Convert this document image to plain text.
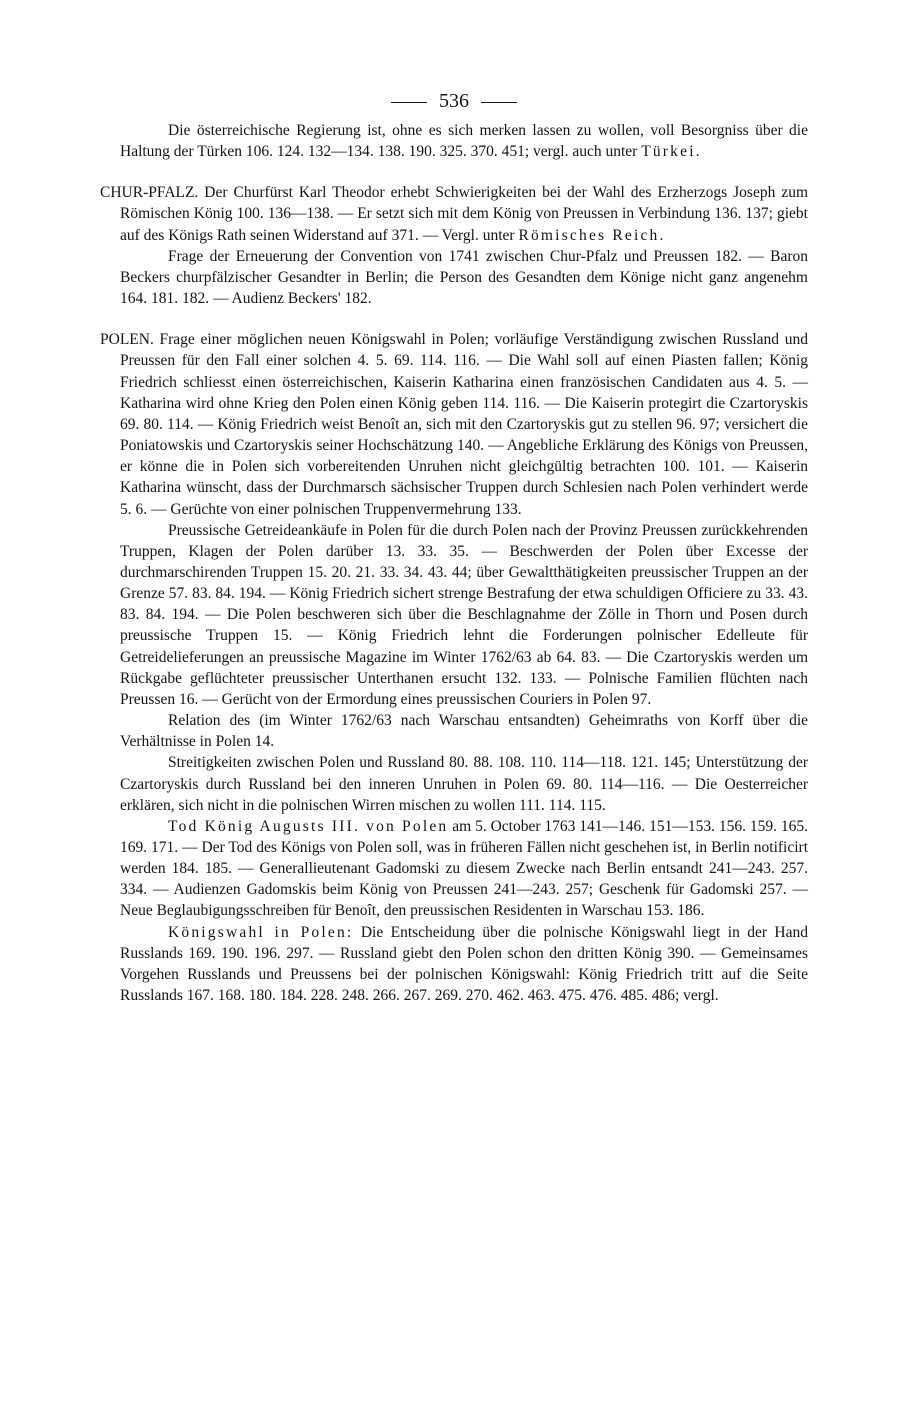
536

Die österreichische Regierung ist, ohne es sich merken lassen zu wollen, voll Besorgniss über die Haltung der Türken 106. 124. 132—134. 138. 190. 325. 370. 451; vergl. auch unter Türkei.

CHUR-PFALZ. Der Churfürst Karl Theodor erhebt Schwierigkeiten bei der Wahl des Erzherzogs Joseph zum Römischen König 100. 136—138. — Er setzt sich mit dem König von Preussen in Verbindung 136. 137; giebt auf des Königs Rath seinen Widerstand auf 371. — Vergl. unter Römisches Reich.

Frage der Erneuerung der Convention von 1741 zwischen Chur-Pfalz und Preussen 182. — Baron Beckers churpfälzischer Gesandter in Berlin; die Person des Gesandten dem Könige nicht ganz angenehm 164. 181. 182. — Audienz Beckers' 182.

POLEN. Frage einer möglichen neuen Königswahl in Polen; vorläufige Verständigung zwischen Russland und Preussen für den Fall einer solchen 4. 5. 69. 114. 116. — Die Wahl soll auf einen Piasten fallen; König Friedrich schliesst einen österreichischen, Kaiserin Katharina einen französischen Candidaten aus 4. 5. — Katharina wird ohne Krieg den Polen einen König geben 114. 116. — Die Kaiserin protegirt die Czartoryskis 69. 80. 114. — König Friedrich weist Benoît an, sich mit den Czartoryskis gut zu stellen 96. 97; versichert die Poniatowskis und Czartoryskis seiner Hochschätzung 140. — Angebliche Erklärung des Königs von Preussen, er könne die in Polen sich vorbereitenden Unruhen nicht gleichgültig betrachten 100. 101. — Kaiserin Katharina wünscht, dass der Durchmarsch sächsischer Truppen durch Schlesien nach Polen verhindert werde 5. 6. — Gerüchte von einer polnischen Truppenvermehrung 133.

Preussische Getreideankäufe in Polen für die durch Polen nach der Provinz Preussen zurückkehrenden Truppen, Klagen der Polen darüber 13. 33. 35. — Beschwerden der Polen über Excesse der durchmarschirenden Truppen 15. 20. 21. 33. 34. 43. 44; über Gewaltthätigkeiten preussischer Truppen an der Grenze 57. 83. 84. 194. — König Friedrich sichert strenge Bestrafung der etwa schuldigen Officiere zu 33. 43. 83. 84. 194. — Die Polen beschweren sich über die Beschlagnahme der Zölle in Thorn und Posen durch preussische Truppen 15. — König Friedrich lehnt die Forderungen polnischer Edelleute für Getreidelieferungen an preussische Magazine im Winter 1762/63 ab 64. 83. — Die Czartoryskis werden um Rückgabe geflüchteter preussischer Unterthanen ersucht 132. 133. — Polnische Familien flüchten nach Preussen 16. — Gerücht von der Ermordung eines preussischen Couriers in Polen 97.

Relation des (im Winter 1762/63 nach Warschau entsandten) Geheimraths von Korff über die Verhältnisse in Polen 14.

Streitigkeiten zwischen Polen und Russland 80. 88. 108. 110. 114—118. 121. 145; Unterstützung der Czartoryskis durch Russland bei den inneren Unruhen in Polen 69. 80. 114—116. — Die Oesterreicher erklären, sich nicht in die polnischen Wirren mischen zu wollen 111. 114. 115.

Tod König Augusts III. von Polen am 5. October 1763 141—146. 151—153. 156. 159. 165. 169. 171. — Der Tod des Königs von Polen soll, was in früheren Fällen nicht geschehen ist, in Berlin notificirt werden 184. 185. — Generallieutenant Gadomski zu diesem Zwecke nach Berlin entsandt 241—243. 257. 334. — Audienzen Gadomskis beim König von Preussen 241—243. 257; Geschenk für Gadomski 257. — Neue Beglaubigungsschreiben für Benoît, den preussischen Residenten in Warschau 153. 186.

Königswahl in Polen: Die Entscheidung über die polnische Königswahl liegt in der Hand Russlands 169. 190. 196. 297. — Russland giebt den Polen schon den dritten König 390. — Gemeinsames Vorgehen Russlands und Preussens bei der polnischen Königswahl: König Friedrich tritt auf die Seite Russlands 167. 168. 180. 184. 228. 248. 266. 267. 269. 270. 462. 463. 475. 476. 485. 486; vergl.
